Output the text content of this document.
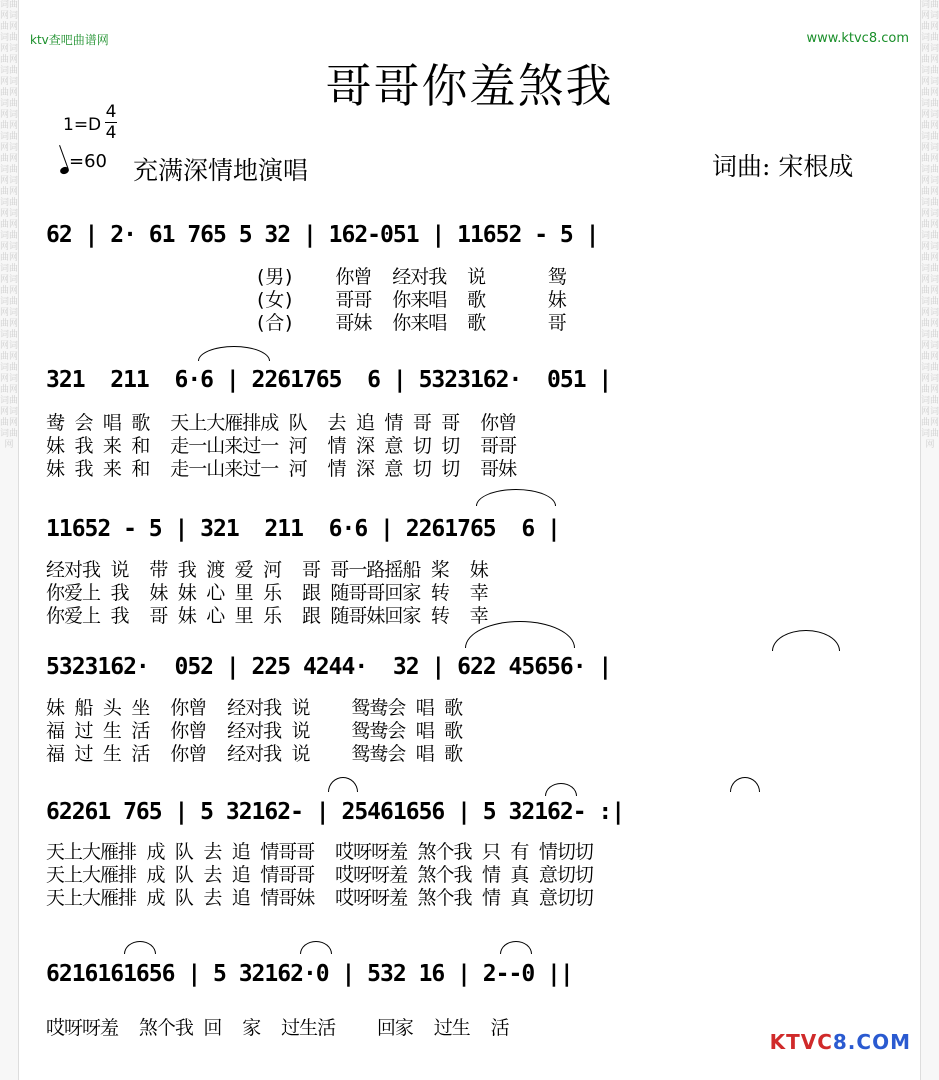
词曲网词曲网词曲网词曲网词曲网词曲网词曲网词曲网词曲网词曲网词曲网词曲网词曲网词曲网词曲网词曲网词曲网词曲网词曲网词曲网词曲网词曲网词曲网词曲网词曲网词曲网词曲网
词曲网词曲网词曲网词曲网词曲网词曲网词曲网词曲网词曲网词曲网词曲网词曲网词曲网词曲网词曲网词曲网词曲网词曲网词曲网词曲网词曲网词曲网词曲网词曲网词曲网词曲网词曲网
ktv查吧曲谱网	www.ktvc8.com
哥哥你羞煞我
1=D
4
4
=60 充满深情地演唱	词曲: 宋根成
62 | 2· 61 765 5 32 | 162-051 | 11652 - 5 |
(男)    你曾  经对我  说      鸳
(女)    哥哥  你来唱  歌      妹
(合)    哥妹  你来唱  歌      哥
321  211  6·6 | 2261765  6 | 5323162·  051 |
鸯 会 唱 歌  天上大雁排成 队  去 追 情 哥 哥  你曾
妹 我 来 和  走一山来过一 河  情 深 意 切 切  哥哥
妹 我 来 和  走一山来过一 河  情 深 意 切 切  哥妹
11652 - 5 | 321  211  6·6 | 2261765  6 |
经对我 说  带 我 渡 爱 河  哥 哥一路摇船 桨  妹
你爱上 我  妹 妹 心 里 乐  跟 随哥哥回家 转  幸
你爱上 我  哥 妹 心 里 乐  跟 随哥妹回家 转  幸
5323162·  052 | 225 4244·  32 | 622 45656· |
妹 船 头 坐  你曾  经对我 说    鸳鸯会 唱 歌
福 过 生 活  你曾  经对我 说    鸳鸯会 唱 歌
福 过 生 活  你曾  经对我 说    鸳鸯会 唱 歌
62261 765 | 5 32162- | 25461656 | 5 32162- :|
天上大雁排 成 队 去 追 情哥哥  哎呀呀羞 煞个我 只 有 情切切
天上大雁排 成 队 去 追 情哥哥  哎呀呀羞 煞个我 情 真 意切切
天上大雁排 成 队 去 追 情哥妹  哎呀呀羞 煞个我 情 真 意切切
6216161656 | 5 32162·0 | 532 16 | 2--0 ||
哎呀呀羞  煞个我 回  家  过生活    回家  过生  活
KTVC8.COM
